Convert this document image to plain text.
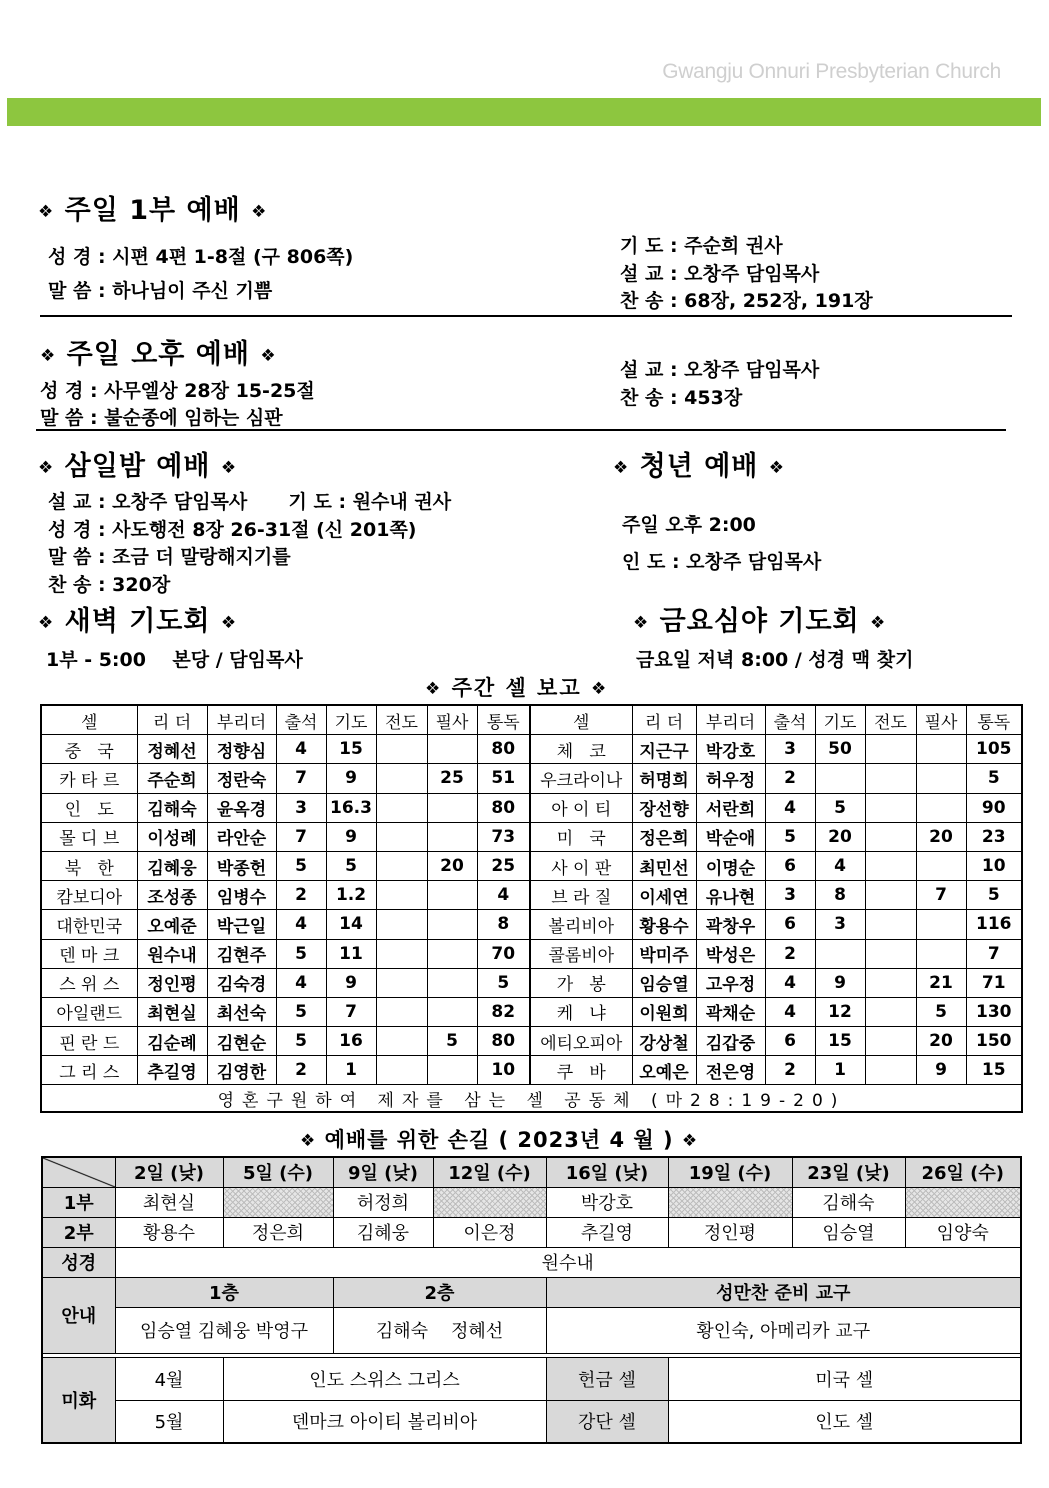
Gwangju Onnuri Presbyterian Church
❖ 주일 1부 예배 ❖
성 경 : 시편 4편 1-8절 (구 806쪽)
말 씀 : 하나님이 주신 기쁨
기 도 : 주순희 권사
설 교 : 오창주 담임목사
찬 송 : 68장, 252장, 191장
❖ 주일 오후 예배 ❖
성 경 : 사무엘상 28장 15-25절
말 씀 : 불순종에 임하는 심판
설 교 : 오창주 담임목사
찬 송 : 453장
❖ 삼일밤 예배 ❖
설 교 : 오창주 담임목사 기 도 : 원수내 권사
성 경 : 사도행전 8장 26-31절 (신 201쪽)
말 씀 : 조금 더 말랑해지기를
찬 송 : 320장
❖ 청년 예배 ❖
주일 오후 2:00
인 도 : 오창주 담임목사
❖ 새벽 기도회 ❖
1부 - 5:00    본당 / 담임목사
❖ 금요심야 기도회 ❖
금요일 저녁 8:00 / 성경 맥 찾기
❖ 주간 셀 보고 ❖
셀	리 더	부리더	출석	기도	전도	필사	통독	셀	리 더	부리더	출석	기도	전도	필사	통독
중   국	정혜선	정향심	4	15			80	체   코	지근구	박강호	3	50			105
카 타 르	주순희	정란숙	7	9		25	51	우크라이나	허명희	허우정	2				5
인   도	김해숙	윤옥경	3	16.3			80	아 이 티	장선향	서란희	4	5			90
몰 디 브	이성례	라안순	7	9			73	미   국	정은희	박순애	5	20		20	23
북   한	김혜웅	박종헌	5	5		20	25	사 이 판	최민선	이명순	6	4			10
캄보디아	조성종	임병수	2	1.2			4	브 라 질	이세연	유나현	3	8		7	5
대한민국	오예준	박근일	4	14			8	볼리비아	황용수	곽창우	6	3			116
덴 마 크	원수내	김현주	5	11			70	콜롬비아	박미주	박성은	2				7
스 위 스	정인평	김숙경	4	9			5	가   봉	임승열	고우정	4	9		21	71
아일랜드	최현실	최선숙	5	7			82	케   냐	이원희	곽채순	4	12		5	130
핀 란 드	김순례	김현순	5	16		5	80	에티오피아	강상철	김갑중	6	15		20	150
그 리 스	추길영	김영한	2	1			10	쿠   바	오예은	전은영	2	1		9	15
영혼구원하여 제자를 삼는 셀 공동체 (마28:19-20)															
❖ 예배를 위한 손길 ( 2023년 4 월 ) ❖
	2일 (낮)	5일 (수)	9일 (낮)	12일 (수)	16일 (낮)	19일 (수)	23일 (낮)	26일 (수)
1부	최현실		허정희		박강호		김해숙	
2부	황용수	정은희	김혜웅	이은정	추길영	정인평	임승열	임양숙
성경	원수내							
안내	1층		2층		성만찬 준비 교구			
	임승열 김혜웅 박영구		김해숙    정혜선		황인숙, 아메리카 교구			

미화	4월	인도 스위스 그리스			헌금 셀	미국 셀		
	5월	덴마크 아이티 볼리비아			강단 셀	인도 셀		
